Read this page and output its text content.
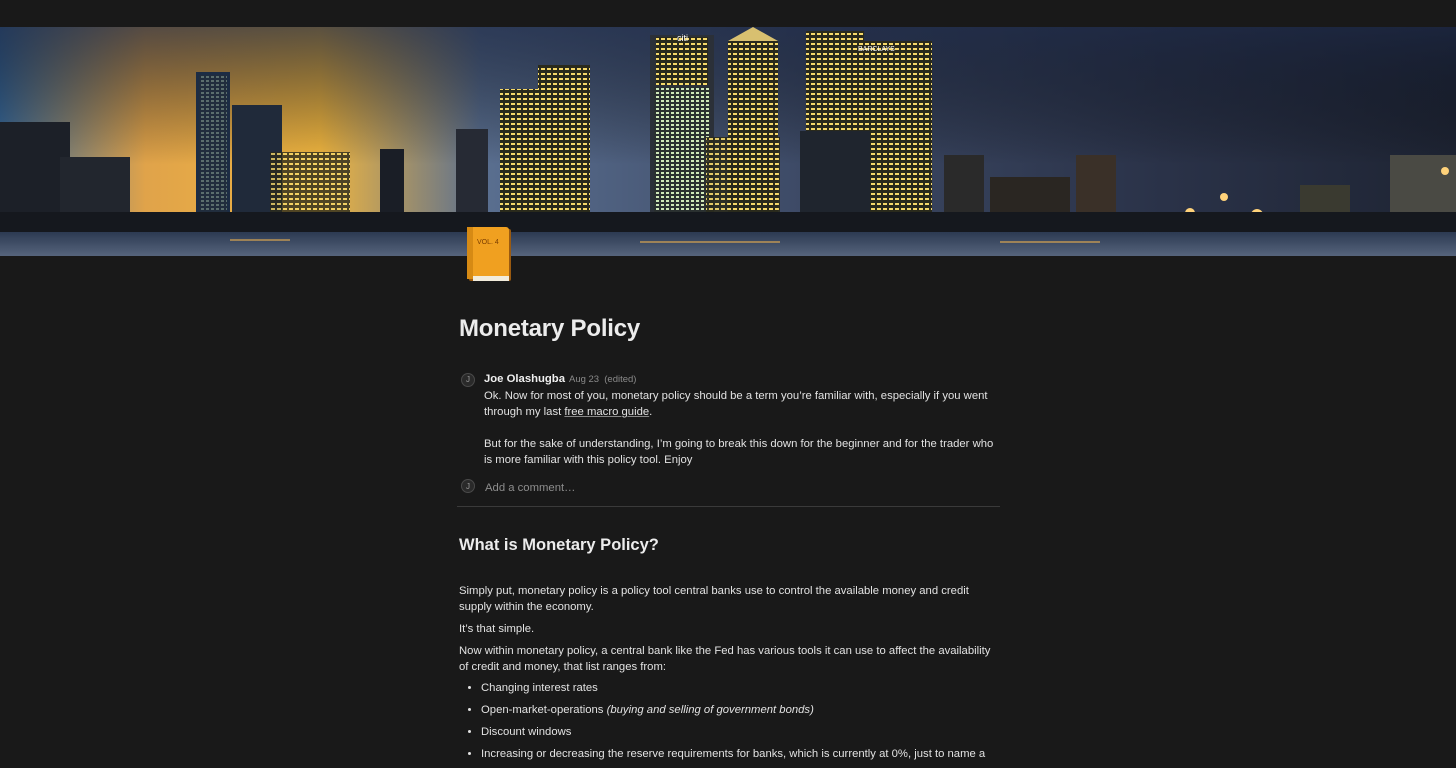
citi
BARCLAYS
VOL. 4
Monetary Policy
J	Joe Olashugba Aug 23 (edited)

Ok. Now for most of you, monetary policy should be a term you’re familiar with, especially if you went through my last free macro guide.

But for the sake of understanding, I’m going to break this down for the beginner and for the trader who is more familiar with this policy tool. Enjoy

J
Add a comment…
What is Monetary Policy?

Simply put, monetary policy is a policy tool central banks use to control the available money and credit supply within the economy.

It’s that simple.

Now within monetary policy, a central bank like the Fed has various tools it can use to affect the availability of credit and money, that list ranges from:

• Changing interest rates
• Open-market-operations (buying and selling of government bonds)
• Discount windows
• Increasing or decreasing the reserve requirements for banks, which is currently at 0%, just to name a
